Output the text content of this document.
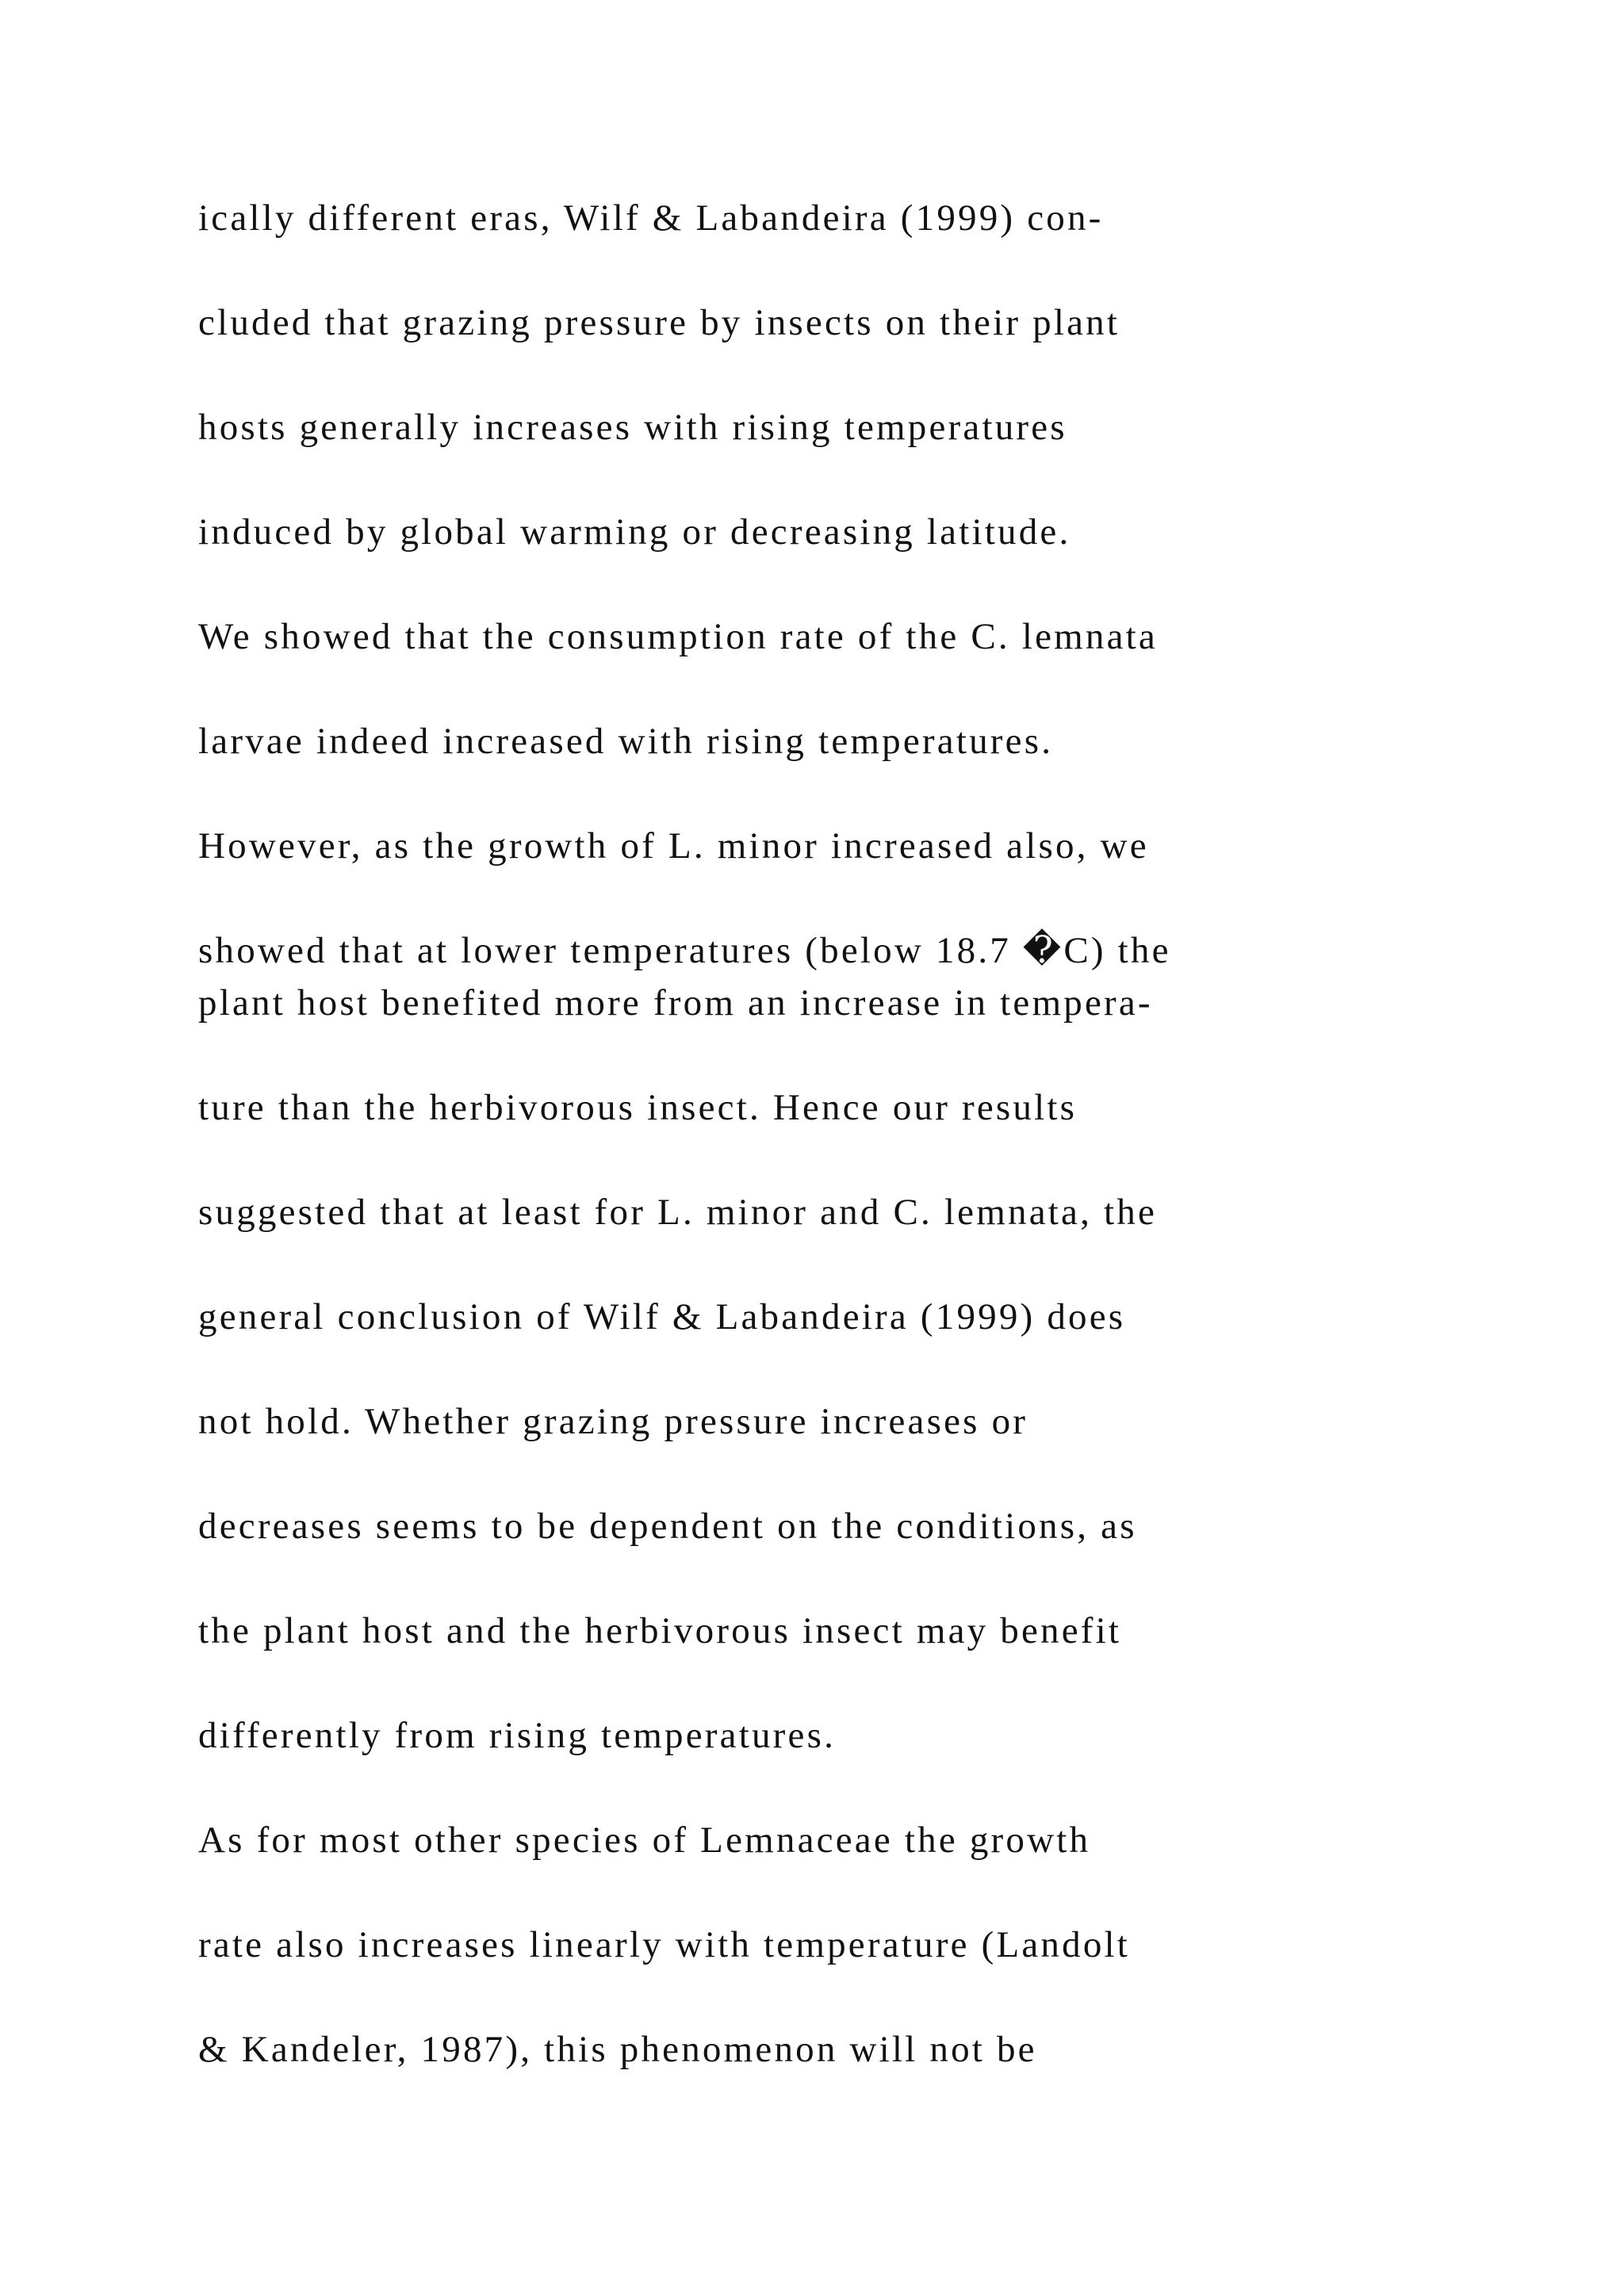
ically different eras, Wilf & Labandeira (1999) con-

cluded that grazing pressure by insects on their plant

hosts generally increases with rising temperatures

induced by global warming or decreasing latitude.

We showed that the consumption rate of the C. lemnata

larvae indeed increased with rising temperatures.

However, as the growth of L. minor increased also, we

showed that at lower temperatures (below 18.7 �C) the

plant host benefited more from an increase in tempera-

ture than the herbivorous insect. Hence our results

suggested that at least for L. minor and C. lemnata, the

general conclusion of Wilf & Labandeira (1999) does

not hold. Whether grazing pressure increases or

decreases seems to be dependent on the conditions, as

the plant host and the herbivorous insect may benefit

differently from rising temperatures.

As for most other species of Lemnaceae the growth

rate also increases linearly with temperature (Landolt

& Kandeler, 1987), this phenomenon will not be
